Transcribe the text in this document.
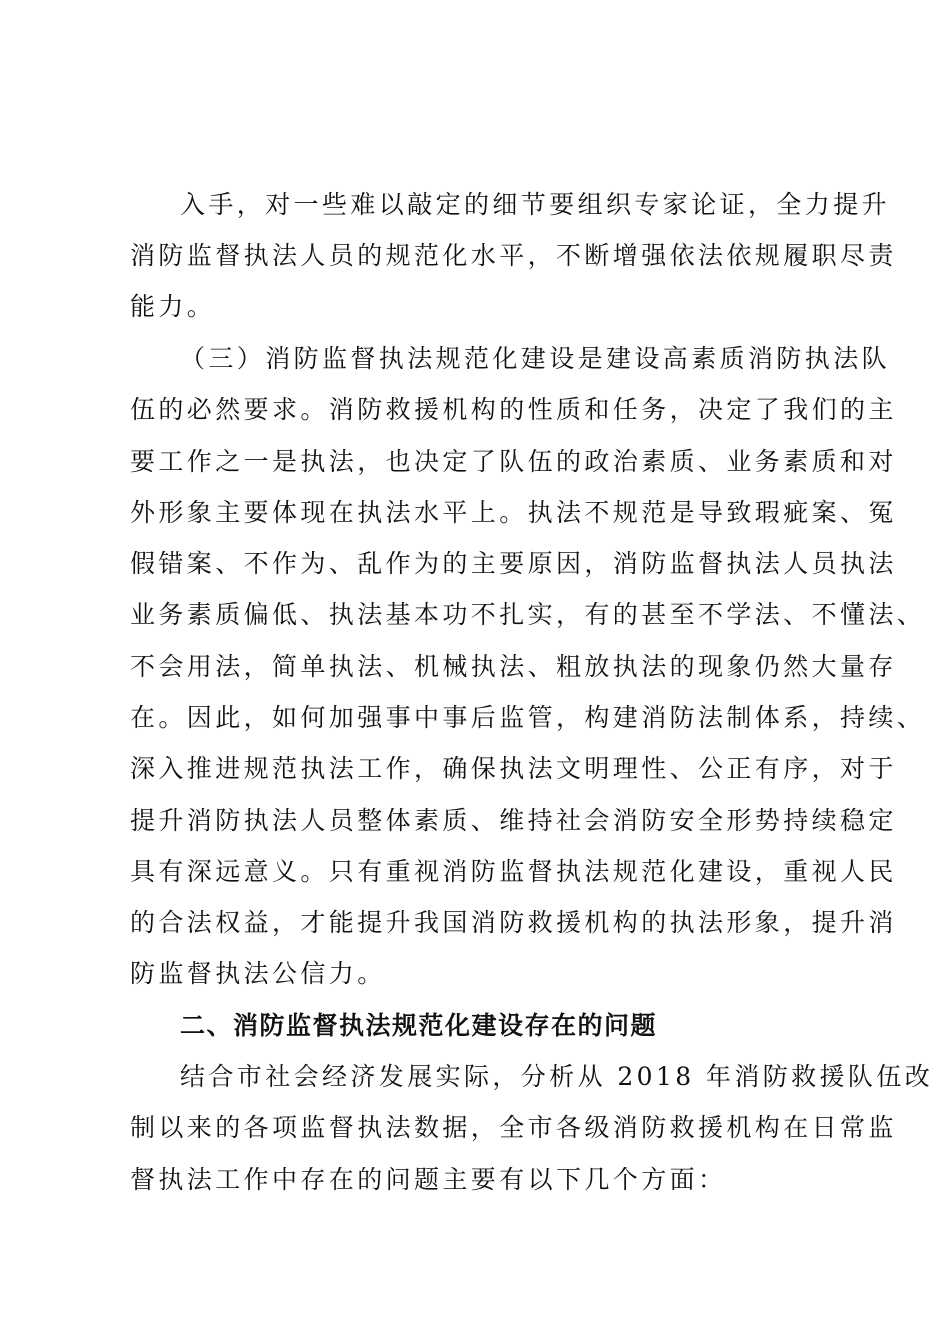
入手，对一些难以敲定的细节要组织专家论证，全力提升
消防监督执法人员的规范化水平，不断增强依法依规履职尽责
能力。
（三）消防监督执法规范化建设是建设高素质消防执法队
伍的必然要求。消防救援机构的性质和任务，决定了我们的主
要工作之一是执法，也决定了队伍的政治素质、业务素质和对
外形象主要体现在执法水平上。执法不规范是导致瑕疵案、冤
假错案、不作为、乱作为的主要原因，消防监督执法人员执法
业务素质偏低、执法基本功不扎实，有的甚至不学法、不懂法、
不会用法，简单执法、机械执法、粗放执法的现象仍然大量存
在。因此，如何加强事中事后监管，构建消防法制体系，持续、
深入推进规范执法工作，确保执法文明理性、公正有序，对于
提升消防执法人员整体素质、维持社会消防安全形势持续稳定
具有深远意义。只有重视消防监督执法规范化建设，重视人民
的合法权益，才能提升我国消防救援机构的执法形象，提升消
防监督执法公信力。
二、消防监督执法规范化建设存在的问题
结合市社会经济发展实际，分析从 2018 年消防救援队伍改
制以来的各项监督执法数据，全市各级消防救援机构在日常监
督执法工作中存在的问题主要有以下几个方面：
